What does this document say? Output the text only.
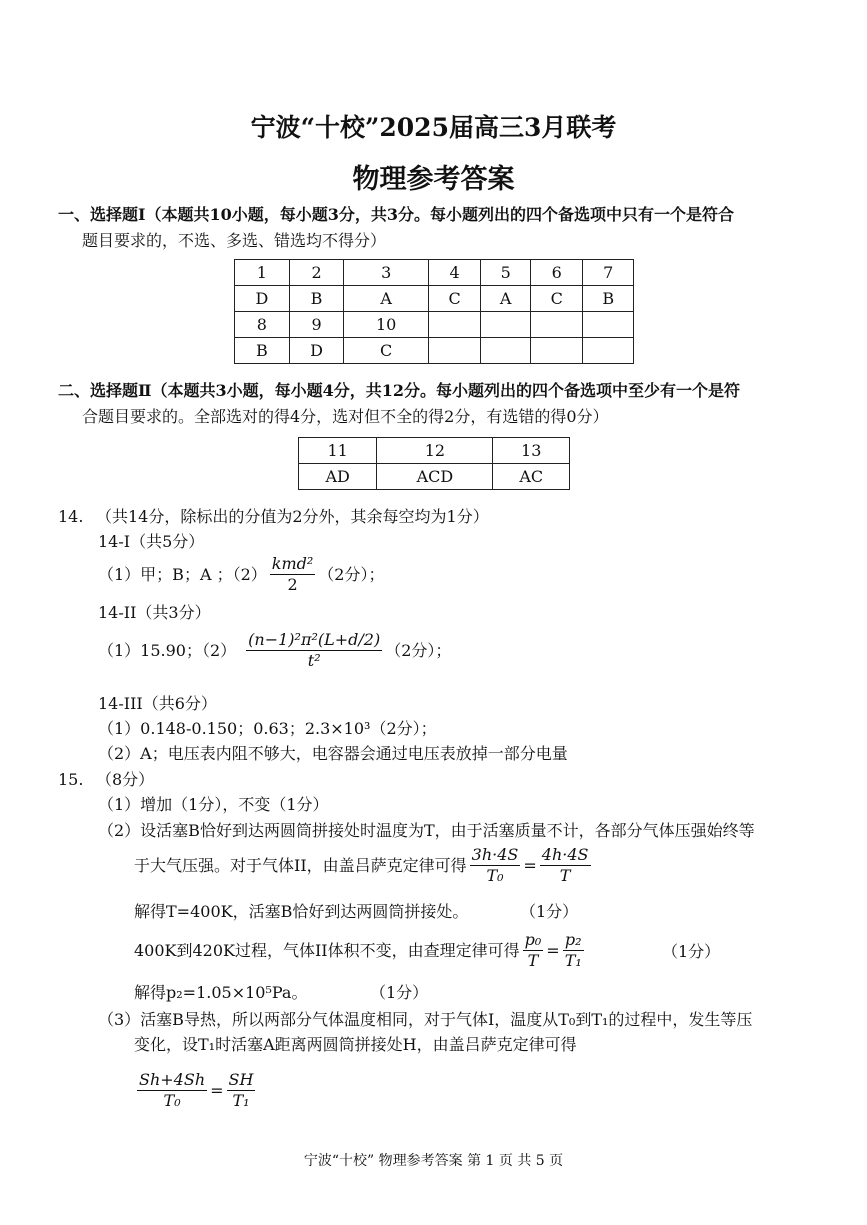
宁波“十校”2025届高三3月联考
物理参考答案
一、选择题Ⅰ（本题共10小题，每小题3分，共3分。每小题列出的四个备选项中只有一个是符合
题目要求的，不选、多选、错选均不得分）
1	2	3	4	5	6	7
D	B	A	C	A	C	B
8	9	10				
B	D	C				
二、选择题Ⅱ（本题共3小题，每小题4分，共12分。每小题列出的四个备选项中至少有一个是符
合题目要求的。全部选对的得4分，选对但不全的得2分，有选错的得0分）
11	12	13
AD	ACD	AC
14. （共14分，除标出的分值为2分外，其余每空均为1分）
14-I（共5分）
（1）甲；B；A ；$(2) \frac{\text{kmd²}}{2} (2$分）；
14-II（共3分）
（1）15.90；$(2) \frac{\text{(n−1)²π²(L+d/2)}}{\text{t²}} (2$分）；
14-III（共6分）
（1）0.148-0.150；0.63；2.3×10³（2分）；
（2）A；电压表内阻不够大，电容器会通过电压表放掉一部分电量
15. （8分）
（1）增加（1分），不变（1分）
（2）设活塞B恰好到达两圆筒拼接处时温度为T，由于活塞质量不计，各部分气体压强始终等
于大气压强。对于气体II，由盖吕萨克定律可得 $\frac{3h\cdot 4S}{\text{T₀}} = \frac{4h\cdot 4S}{T}$
解得T=400K，活塞B恰好到达两圆筒拼接处。	（1分）
400K到420K过程，气体II体积不变，由查理定律可得 $\frac{\text{p₀}}{T} = \frac{\text{p₂}}{\text{T₁}}$	（1分）
解得p₂=1.05×10⁵Pa。	（1分）
（3）活塞B导热，所以两部分气体温度相同，对于气体I，温度从T₀到T₁的过程中，发生等压
变化，设T₁时活塞A距离两圆筒拼接处H，由盖吕萨克定律可得
$\frac{Sh+4Sh}{\text{T₀}} = \frac{SH}{\text{T₁}}$
宁波“十校” 物理参考答案 第 1 页 共 5 页
